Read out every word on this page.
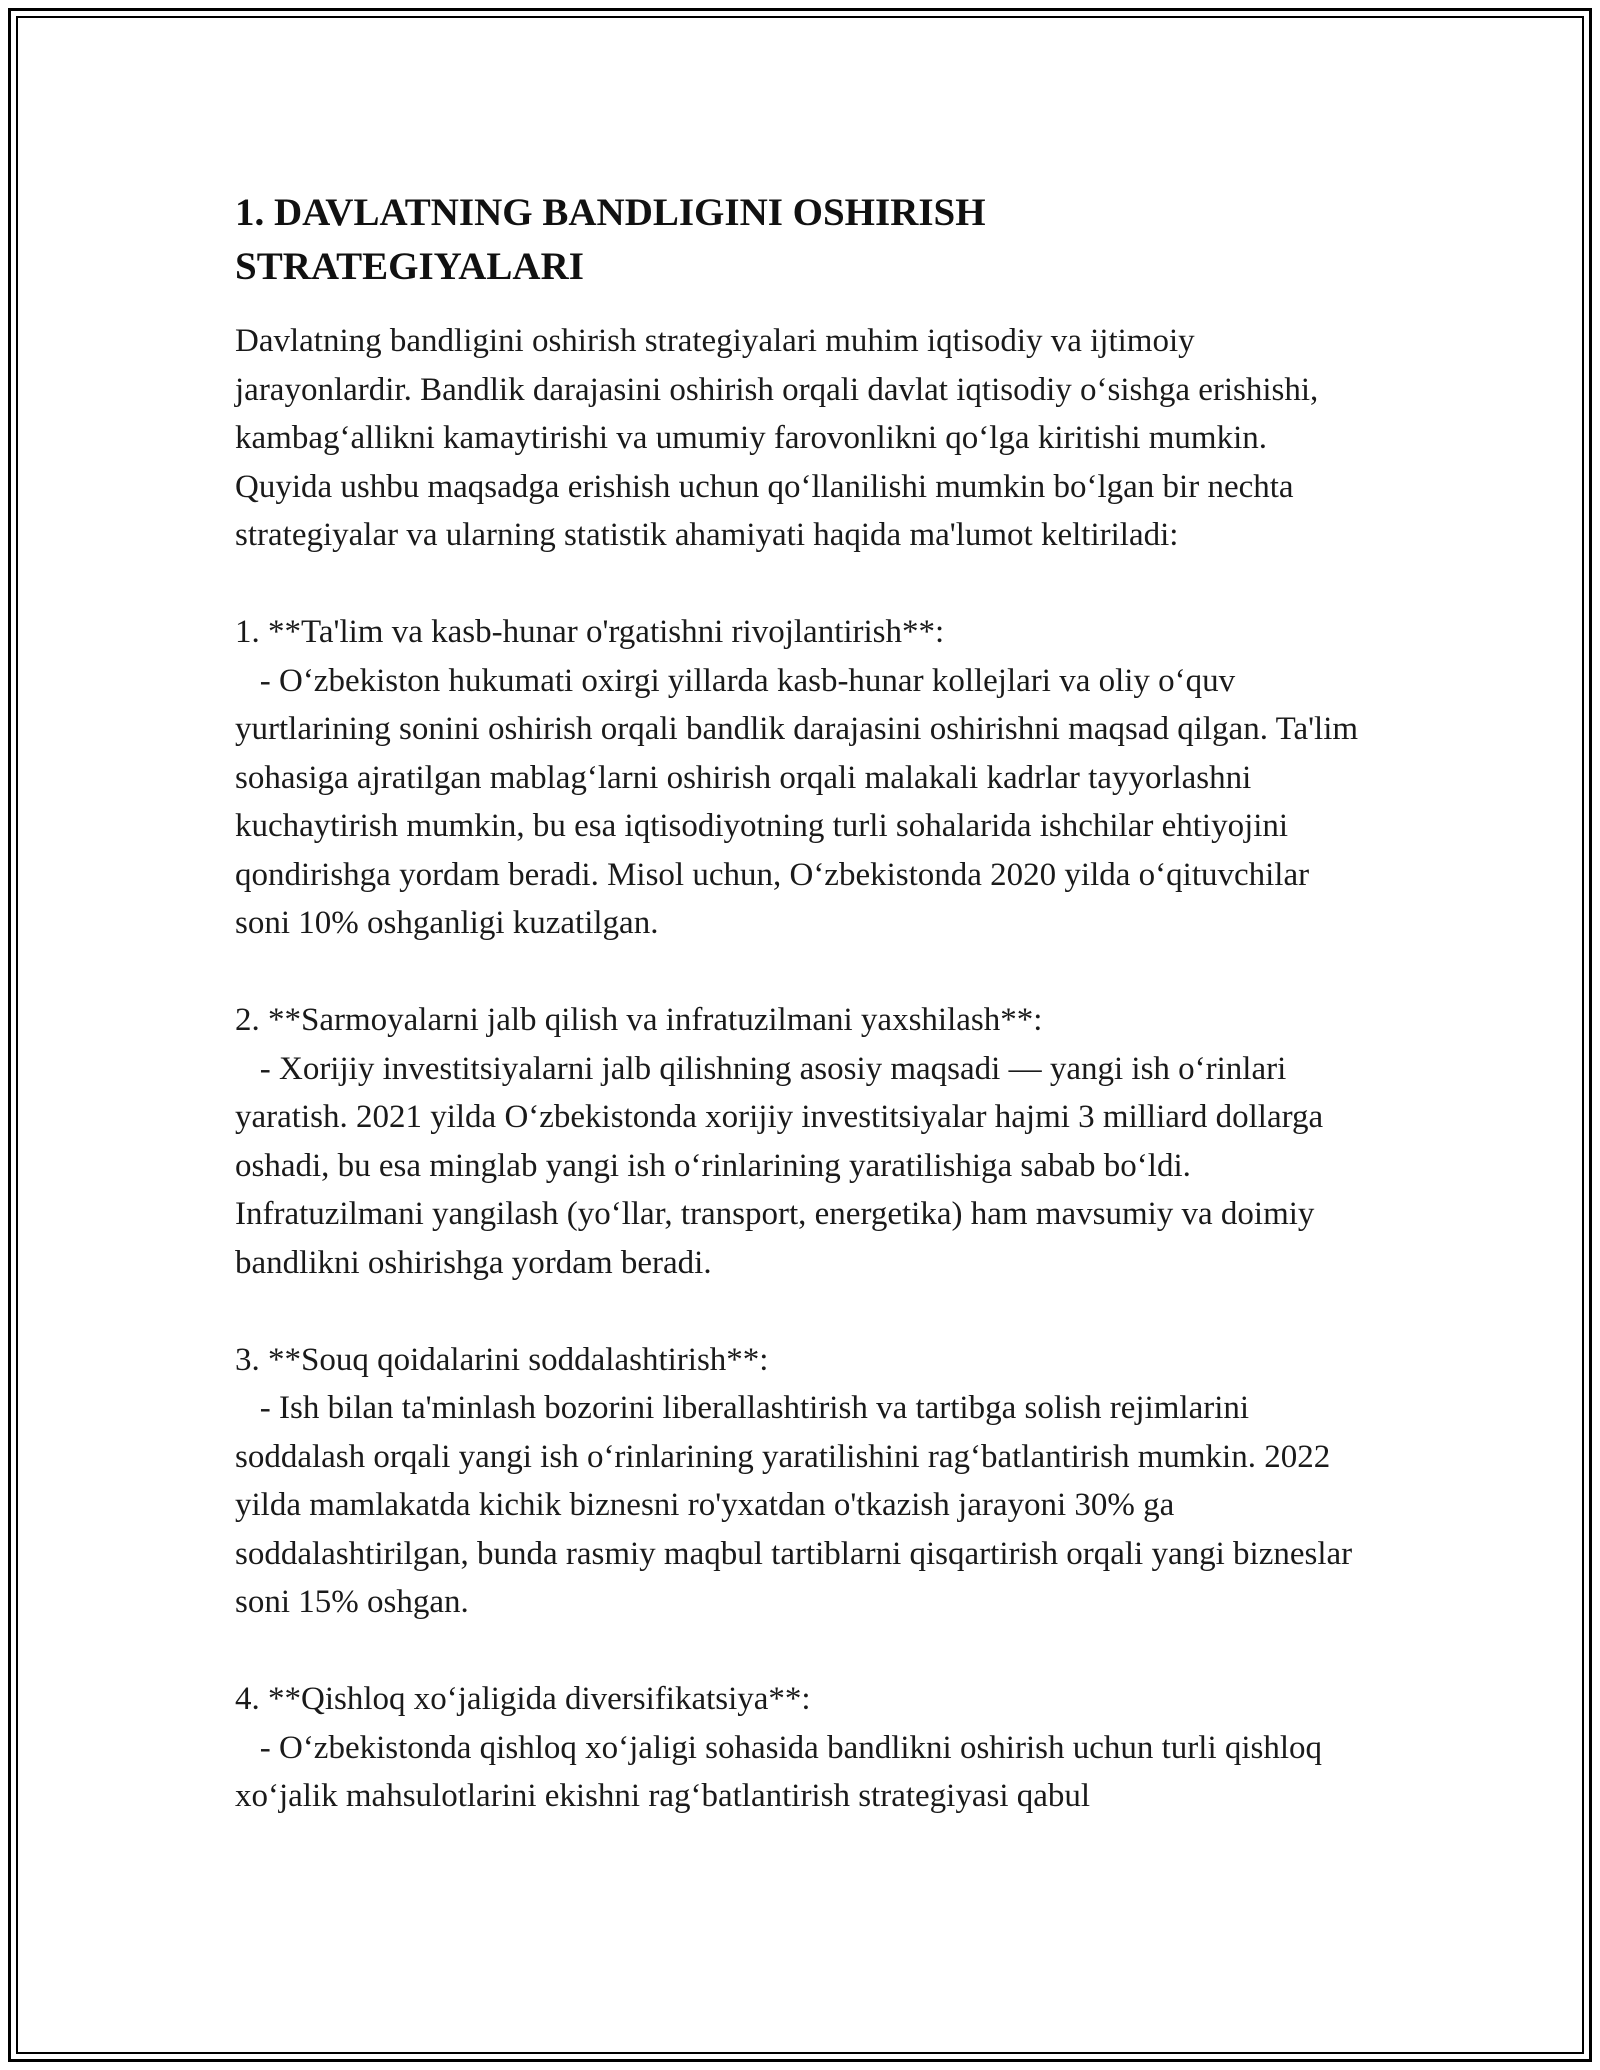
1. DAVLATNING BANDLIGINI OSHIRISH
STRATEGIYALARI

Davlatning bandligini oshirish strategiyalari muhim iqtisodiy va ijtimoiy jarayonlardir. Bandlik darajasini oshirish orqali davlat iqtisodiy o‘sishga erishishi, kambag‘allikni kamaytirishi va umumiy farovonlikni qo‘lga kiritishi mumkin. Quyida ushbu maqsadga erishish uchun qo‘llanilishi mumkin bo‘lgan bir nechta strategiyalar va ularning statistik ahamiyati haqida ma'lumot keltiriladi:

1. **Ta'lim va kasb-hunar o'rgatishni rivojlantirish**:

- O‘zbekiston hukumati oxirgi yillarda kasb-hunar kollejlari va oliy o‘quv yurtlarining sonini oshirish orqali bandlik darajasini oshirishni maqsad qilgan. Ta'lim sohasiga ajratilgan mablag‘larni oshirish orqali malakali kadrlar tayyorlashni kuchaytirish mumkin, bu esa iqtisodiyotning turli sohalarida ishchilar ehtiyojini qondirishga yordam beradi. Misol uchun, O‘zbekistonda 2020 yilda o‘qituvchilar soni 10% oshganligi kuzatilgan.

2. **Sarmoyalarni jalb qilish va infratuzilmani yaxshilash**:

- Xorijiy investitsiyalarni jalb qilishning asosiy maqsadi — yangi ish o‘rinlari yaratish. 2021 yilda O‘zbekistonda xorijiy investitsiyalar hajmi 3 milliard dollarga oshadi, bu esa minglab yangi ish o‘rinlarining yaratilishiga sabab bo‘ldi. Infratuzilmani yangilash (yo‘llar, transport, energetika) ham mavsumiy va doimiy bandlikni oshirishga yordam beradi.

3. **Souq qoidalarini soddalashtirish**:

- Ish bilan ta'minlash bozorini liberallashtirish va tartibga solish rejimlarini soddalash orqali yangi ish o‘rinlarining yaratilishini rag‘batlantirish mumkin. 2022 yilda mamlakatda kichik biznesni ro'yxatdan o'tkazish jarayoni 30% ga soddalashtirilgan, bunda rasmiy maqbul tartiblarni qisqartirish orqali yangi bizneslar soni 15% oshgan.

4. **Qishloq xo‘jaligida diversifikatsiya**:

- O‘zbekistonda qishloq xo‘jaligi sohasida bandlikni oshirish uchun turli qishloq xo‘jalik mahsulotlarini ekishni rag‘batlantirish strategiyasi qabul
